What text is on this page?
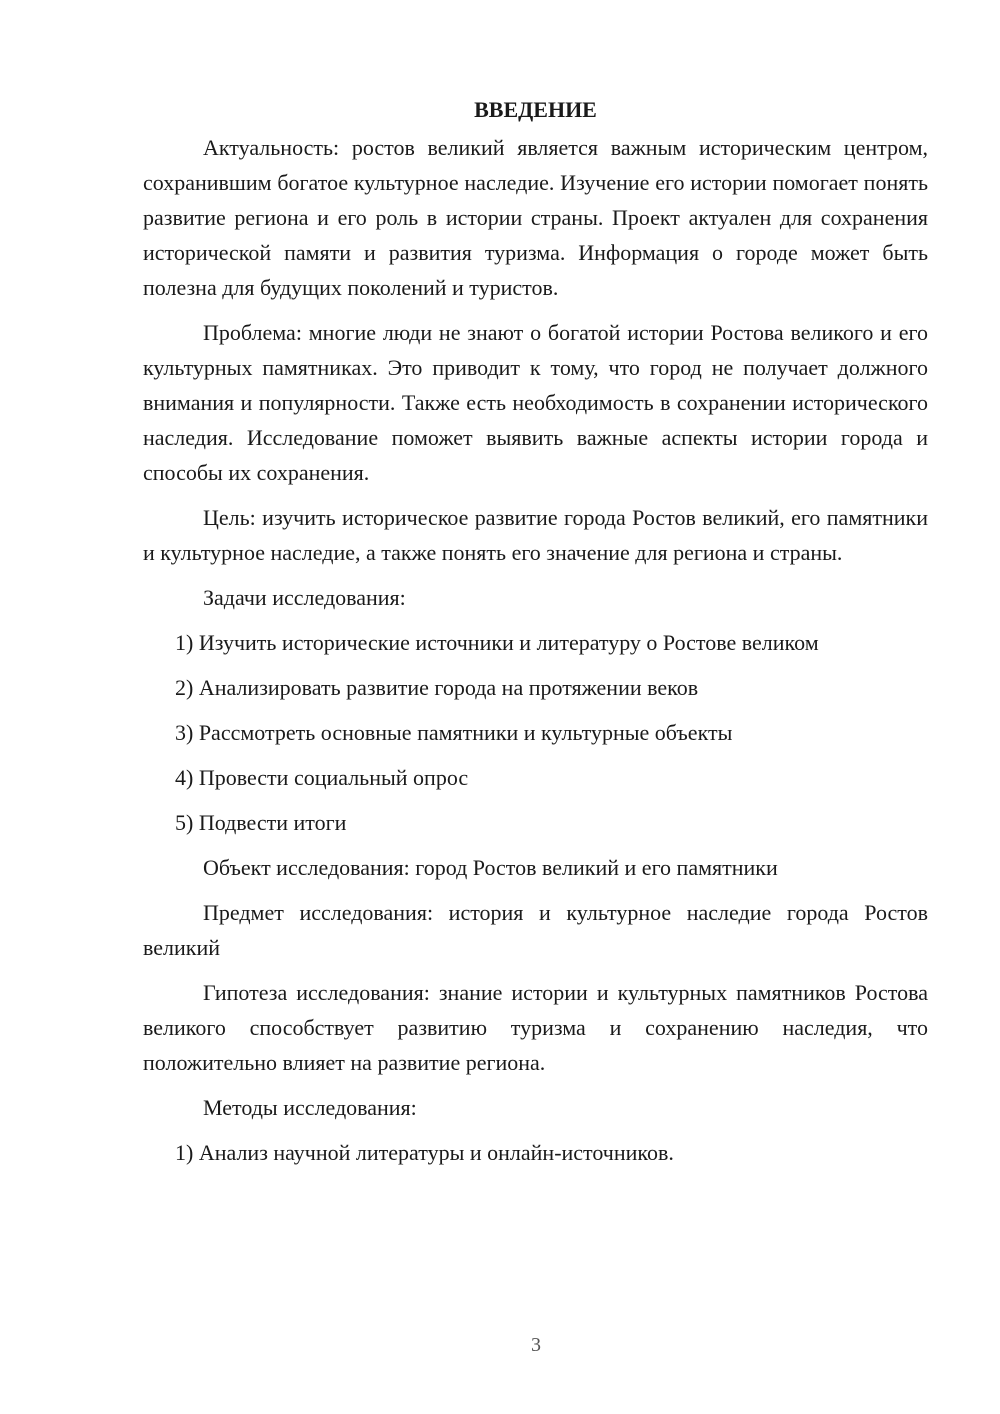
ВВЕДЕНИЕ

Актуальность: ростов великий является важным историческим центром, сохранившим богатое культурное наследие. Изучение его истории помогает понять развитие региона и его роль в истории страны. Проект актуален для сохранения исторической памяти и развития туризма. Информация о городе может быть полезна для будущих поколений и туристов.

Проблема: многие люди не знают о богатой истории Ростова великого и его культурных памятниках. Это приводит к тому, что город не получает должного внимания и популярности. Также есть необходимость в сохранении исторического наследия. Исследование поможет выявить важные аспекты истории города и способы их сохранения.

Цель: изучить историческое развитие города Ростов великий, его памятники и культурное наследие, а также понять его значение для региона и страны.

Задачи исследования:

1) Изучить исторические источники и литературу о Ростове великом
2) Анализировать развитие города на протяжении веков
3) Рассмотреть основные памятники и культурные объекты
4) Провести социальный опрос
5) Подвести итоги

Объект исследования: город Ростов великий и его памятники

Предмет исследования: история и культурное наследие города Ростов великий

Гипотеза исследования: знание истории и культурных памятников Ростова великого способствует развитию туризма и сохранению наследия, что положительно влияет на развитие региона.

Методы исследования:

1) Анализ научной литературы и онлайн-источников.
3
